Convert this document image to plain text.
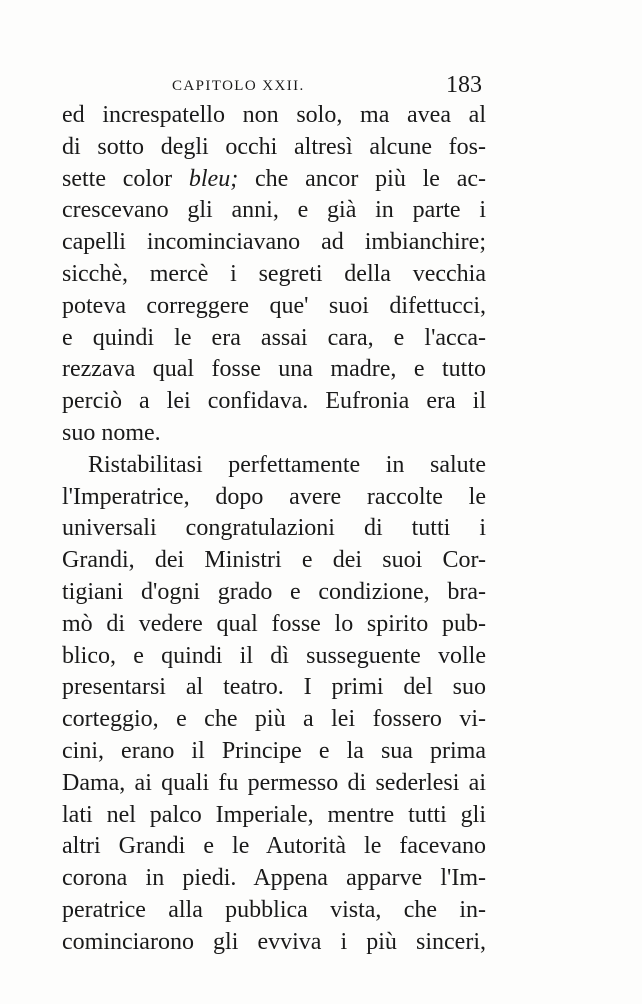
CAPITOLO XXII.	183
ed increspatello non solo, ma avea al
di sotto degli occhi altresì alcune fos-
sette color bleu; che ancor più le ac-
crescevano gli anni, e già in parte i
capelli incominciavano ad imbianchire;
sicchè, mercè i segreti della vecchia
poteva correggere que' suoi difettucci,
e quindi le era assai cara, e l'acca-
rezzava qual fosse una madre, e tutto
perciò a lei confidava. Eufronia era il
suo nome.
Ristabilitasi perfettamente in salute
l'Imperatrice, dopo avere raccolte le
universali congratulazioni di tutti i
Grandi, dei Ministri e dei suoi Cor-
tigiani d'ogni grado e condizione, bra-
mò di vedere qual fosse lo spirito pub-
blico, e quindi il dì susseguente volle
presentarsi al teatro. I primi del suo
corteggio, e che più a lei fossero vi-
cini, erano il Principe e la sua prima
Dama, ai quali fu permesso di sederlesi ai
lati nel palco Imperiale, mentre tutti gli
altri Grandi e le Autorità le facevano
corona in piedi. Appena apparve l'Im-
peratrice alla pubblica vista, che in-
cominciarono gli evviva i più sinceri,
